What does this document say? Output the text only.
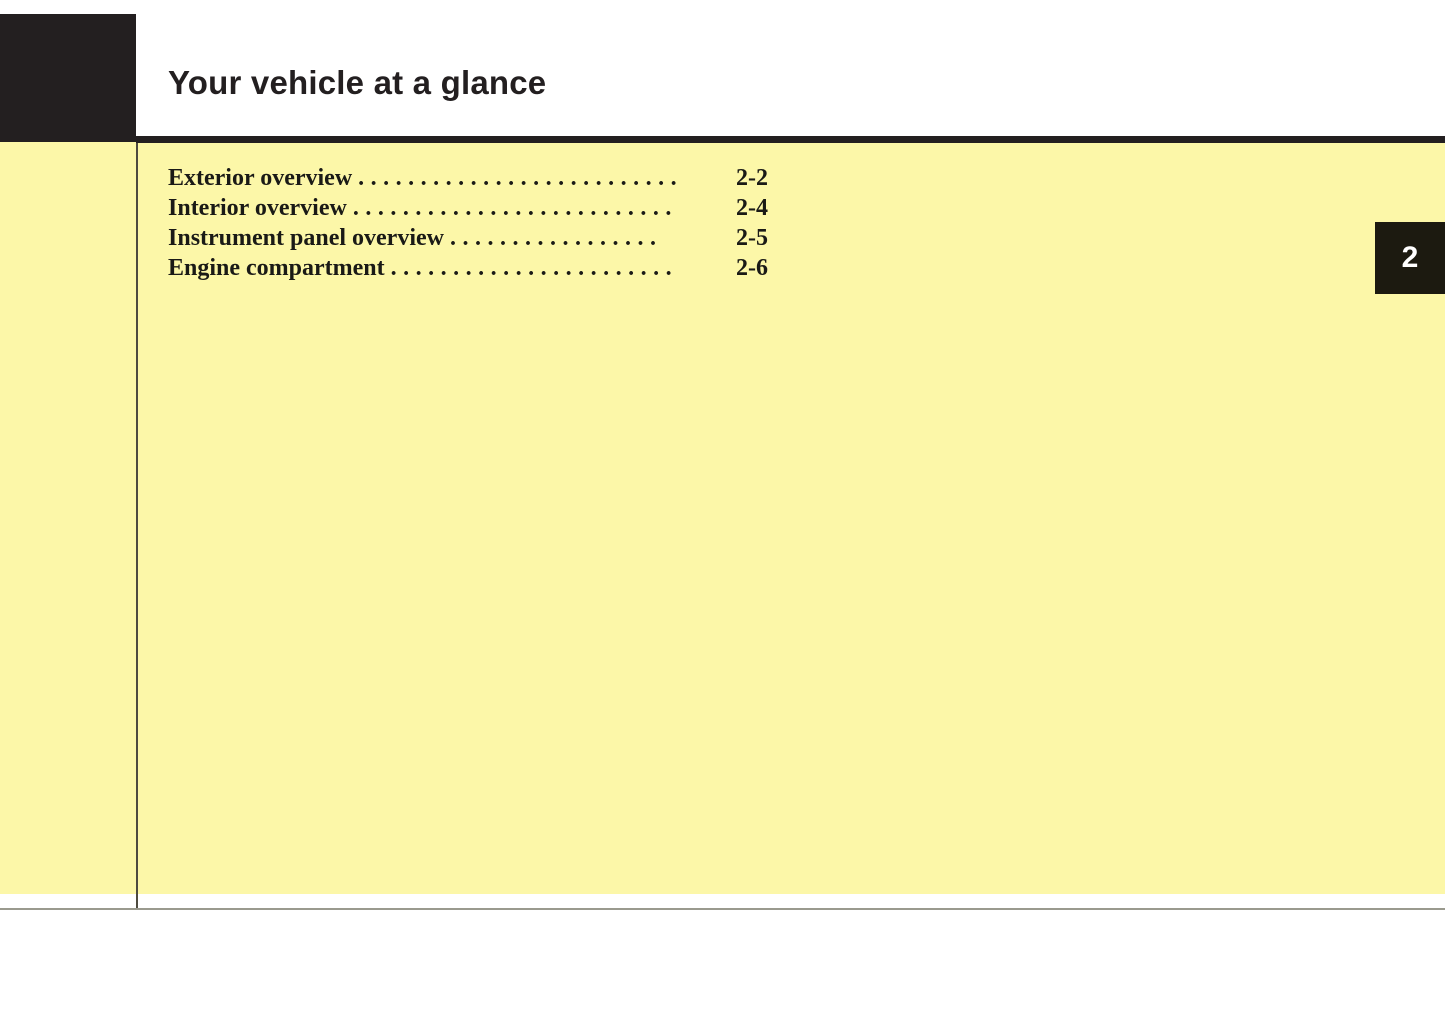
Your vehicle at a glance
Exterior overview ..........................	2-2
Interior overview ..........................	2-4
Instrument panel overview .................	2-5
Engine compartment .......................	2-6	2
